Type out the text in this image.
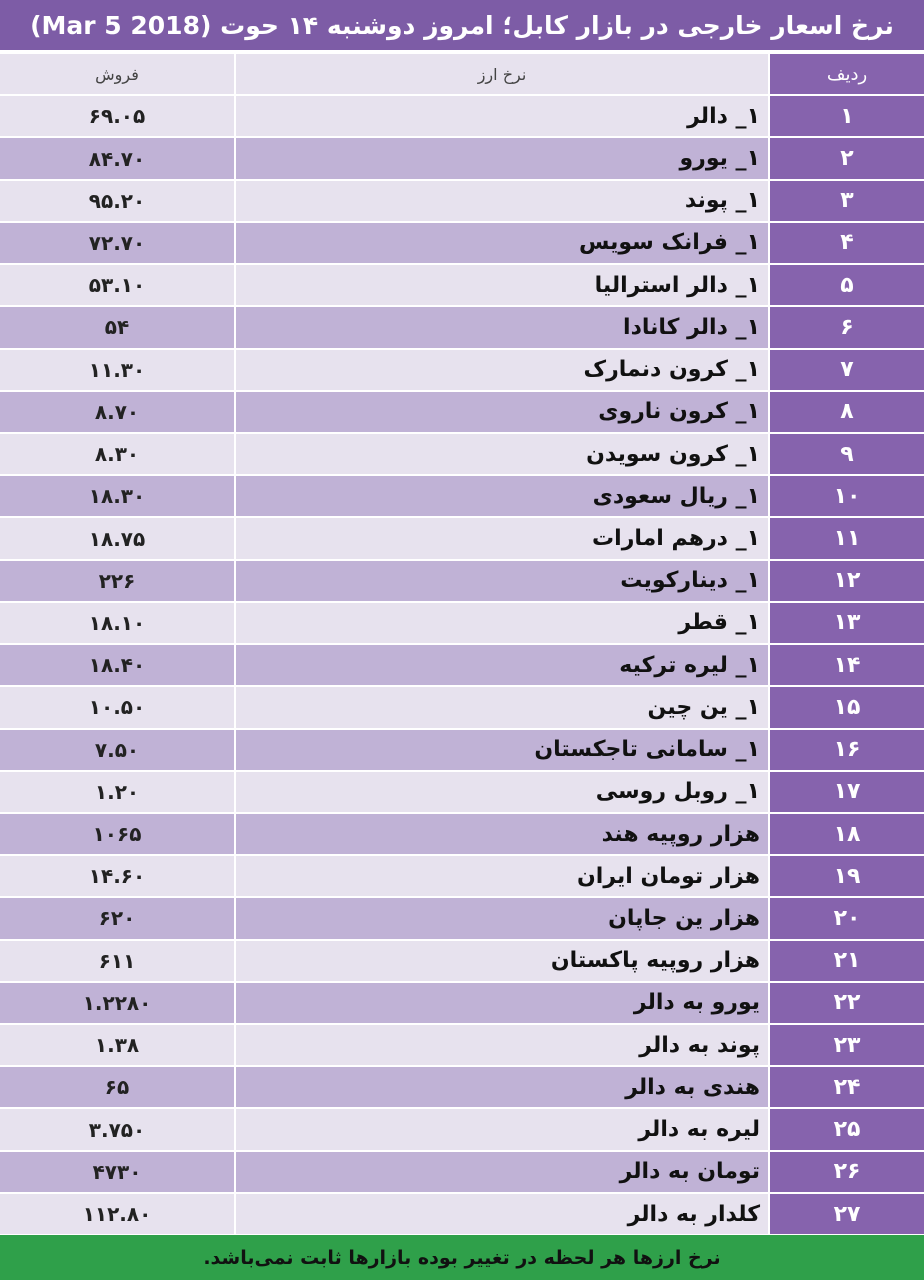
نرخ اسعار خارجی در بازار کابل؛ امروز دوشنبه ۱۴ حوت (Mar 5 2018)
فروش	نرخ ارز	ردیف
۶۹.۰۵	۱_ دالر	۱
۸۴.۷۰	۱_ یورو	۲
۹۵.۲۰	۱_ پوند	۳
۷۲.۷۰	۱_ فرانک سویس	۴
۵۳.۱۰	۱_ دالر استرالیا	۵
۵۴	۱_ دالر کانادا	۶
۱۱.۳۰	۱_ کرون دنمارک	۷
۸.۷۰	۱_ کرون ناروی	۸
۸.۳۰	۱_ کرون سویدن	۹
۱۸.۳۰	۱_ ریال سعودی	۱۰
۱۸.۷۵	۱_ درهم امارات	۱۱
۲۲۶	۱_ دینارکویت	۱۲
۱۸.۱۰	۱_ قطر	۱۳
۱۸.۴۰	۱_ لیره ترکیه	۱۴
۱۰.۵۰	۱_ ین چین	۱۵
۷.۵۰	۱_ سامانی تاجکستان	۱۶
۱.۲۰	۱_ روبل روسی	۱۷
۱۰۶۵	هزار روپیه هند	۱۸
۱۴.۶۰	هزار تومان ایران	۱۹
۶۲۰	هزار ین جاپان	۲۰
۶۱۱	هزار روپیه پاکستان	۲۱
۱.۲۲۸۰	یورو به دالر	۲۲
۱.۳۸	پوند به دالر	۲۳
۶۵	هندی به دالر	۲۴
۳.۷۵۰	لیره به دالر	۲۵
۴۷۳۰	تومان به دالر	۲۶
۱۱۲.۸۰	کلدار به دالر	۲۷
نرخ ارزها هر لحظه در تغییر بوده بازارها ثابت نمی‌باشد.
